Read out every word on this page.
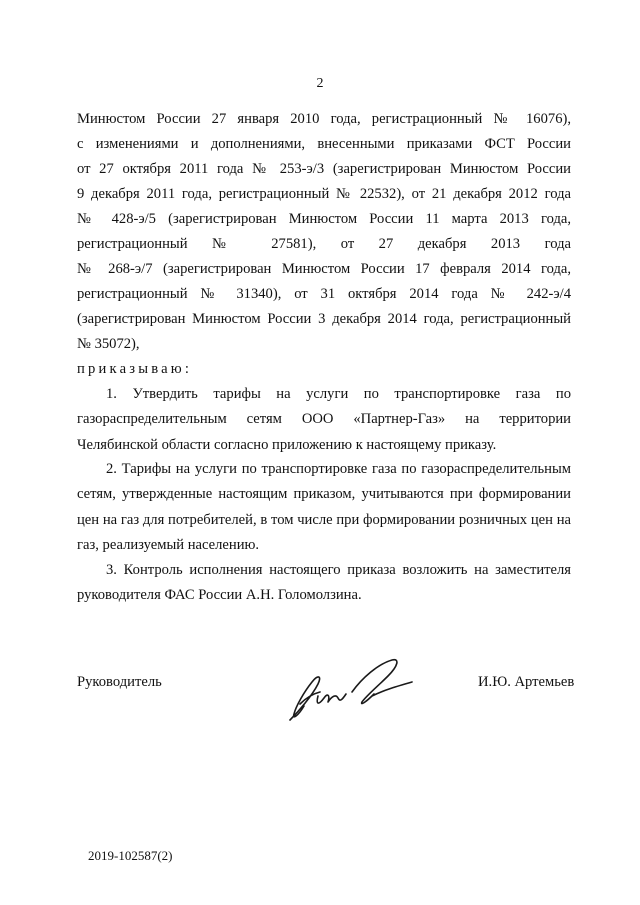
2
Минюстом России 27 января 2010 года, регистрационный № 16076),
с изменениями и дополнениями, внесенными приказами ФСТ России
от 27 октября 2011 года № 253-э/3 (зарегистрирован Минюстом России
9 декабря 2011 года, регистрационный № 22532), от 21 декабря 2012 года
№ 428-э/5 (зарегистрирован Минюстом России 11 марта 2013 года,
регистрационный № 27581), от 27 декабря 2013 года
№ 268-э/7 (зарегистрирован Минюстом России 17 февраля 2014 года,
регистрационный № 31340), от 31 октября 2014 года № 242-э/4
(зарегистрирован Минюстом России 3 декабря 2014 года, регистрационный
№ 35072),
приказываю:
1. Утвердить тарифы на услуги по транспортировке газа по газораспределительным сетям ООО «Партнер-Газ» на территории Челябинской области согласно приложению к настоящему приказу.
2. Тарифы на услуги по транспортировке газа по газораспределительным сетям, утвержденные настоящим приказом, учитываются при формировании цен на газ для потребителей, в том числе при формировании розничных цен на газ, реализуемый населению.
3. Контроль исполнения настоящего приказа возложить на заместителя руководителя ФАС России А.Н. Голомолзина.
Руководитель	И.Ю. Артемьев
2019-102587(2)
